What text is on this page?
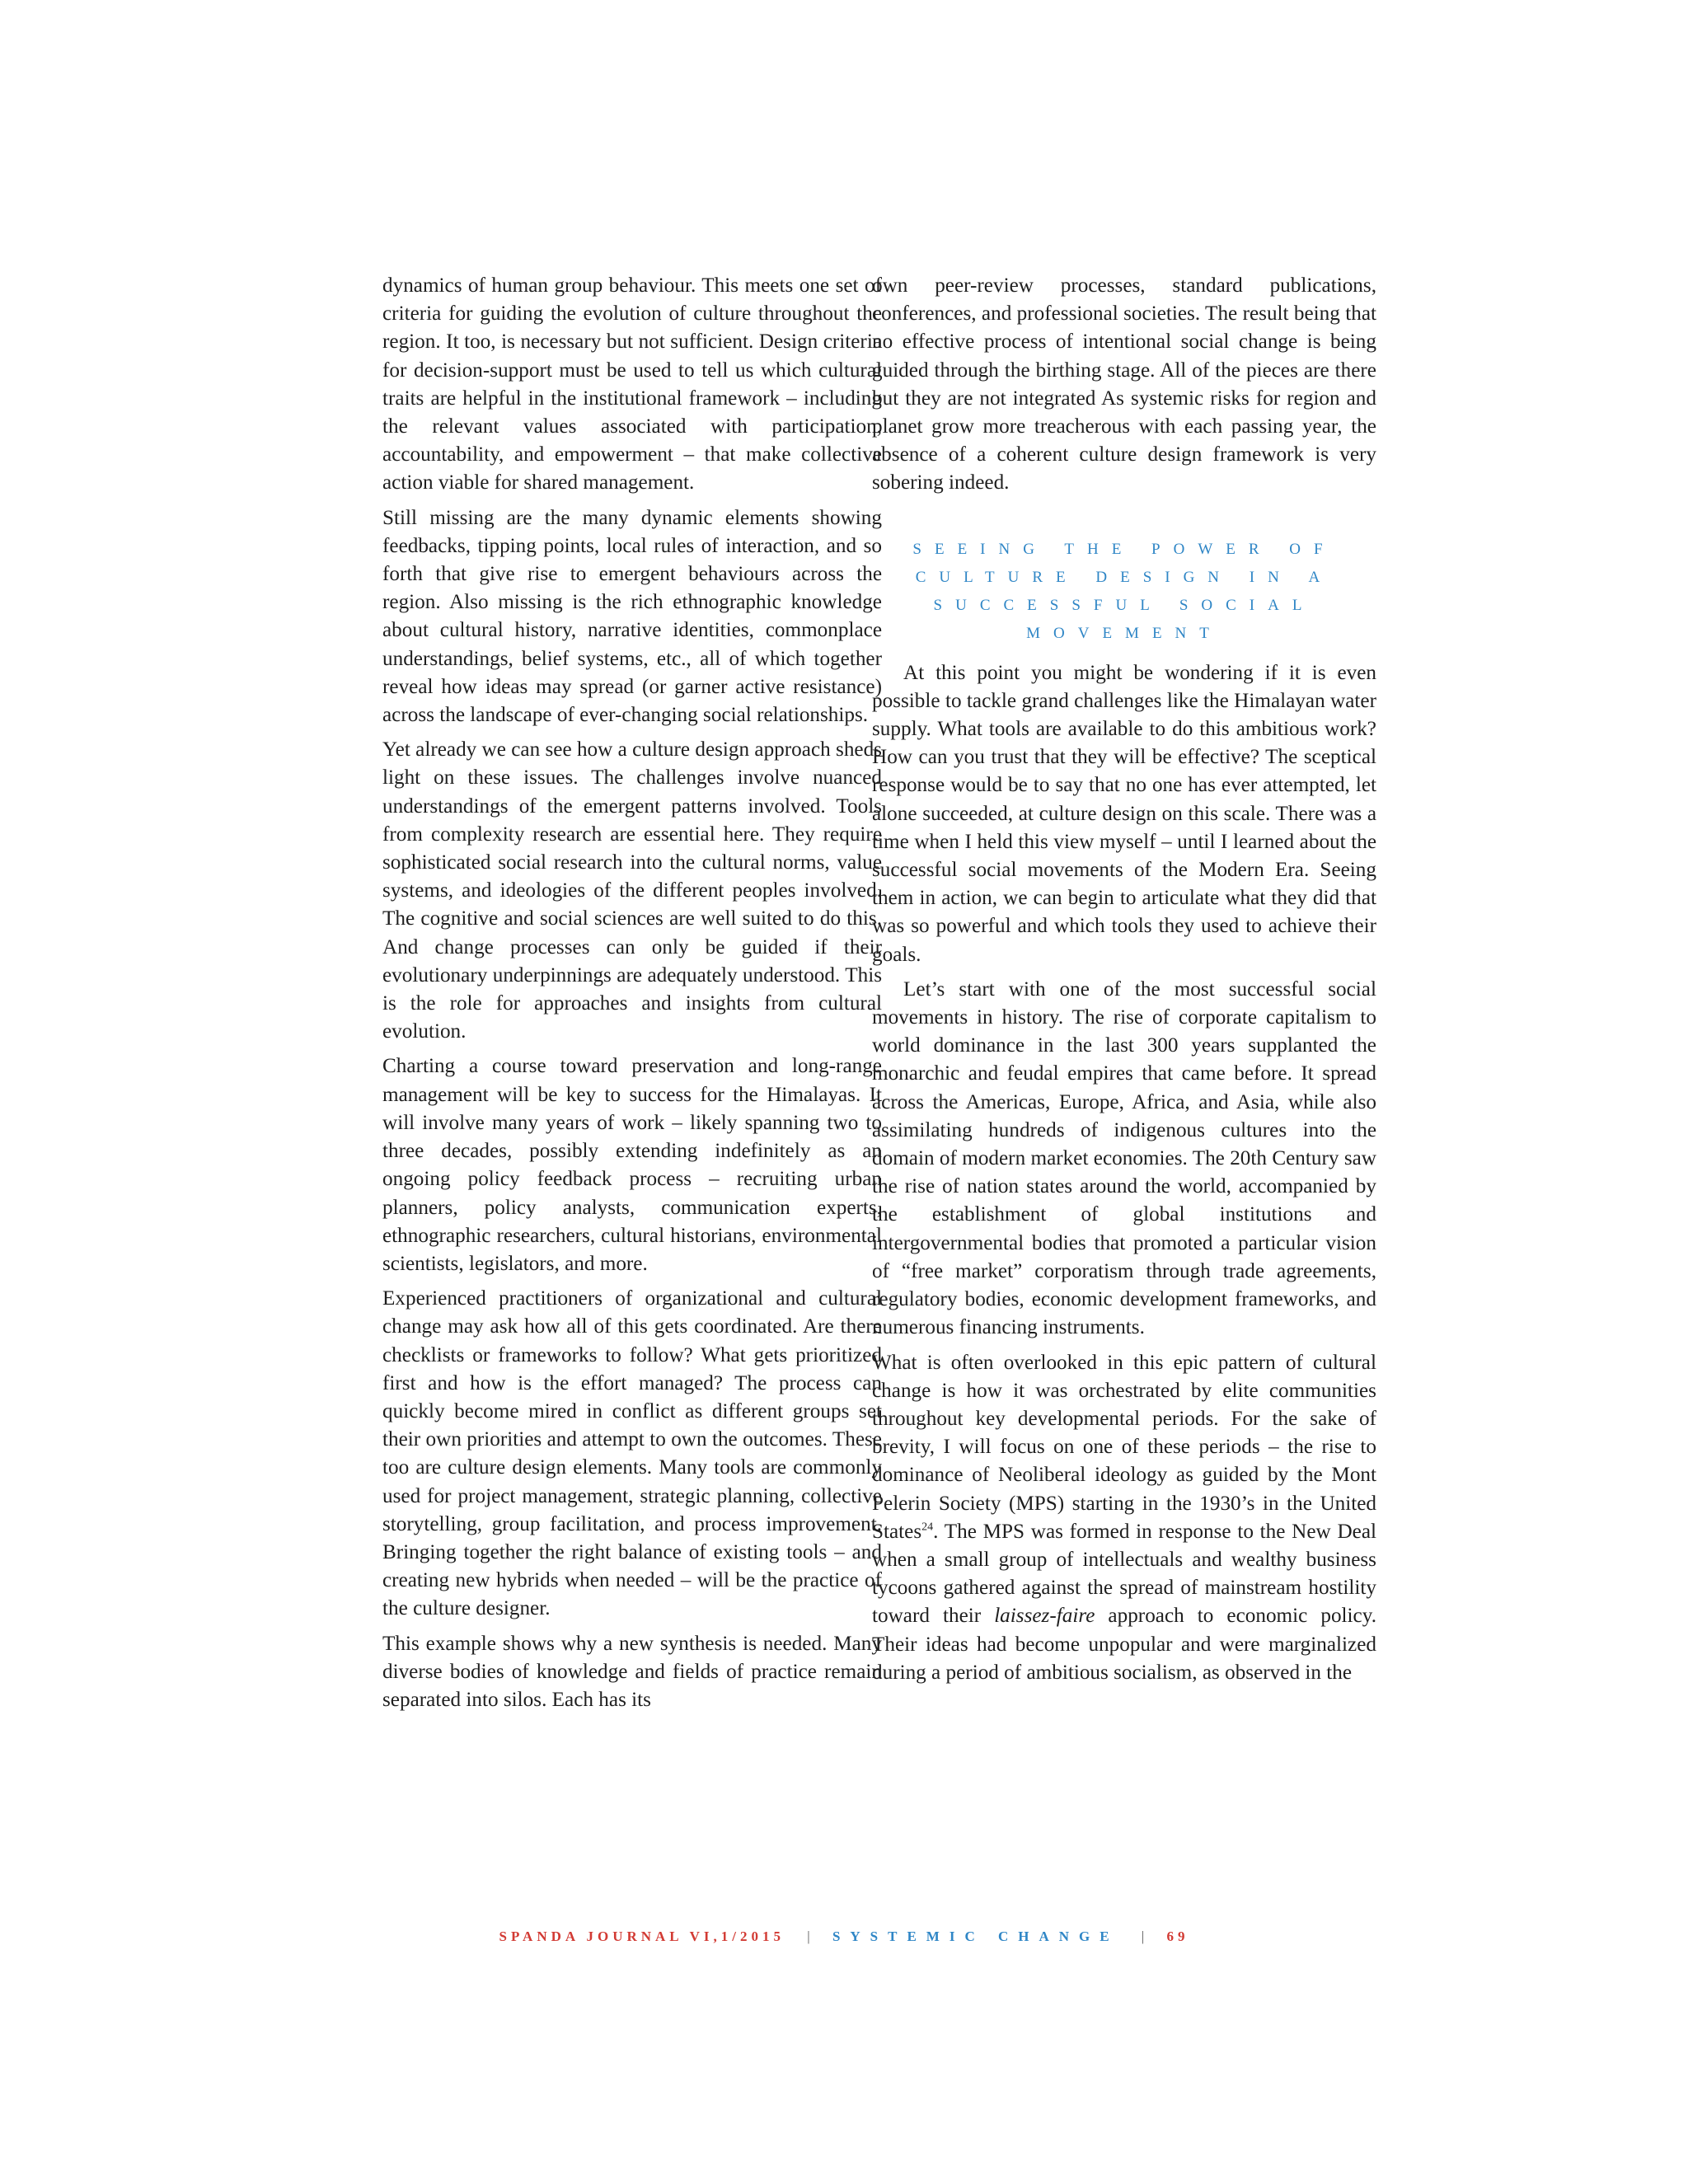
dynamics of human group behaviour. This meets one set of criteria for guiding the evolution of culture throughout the region. It too, is necessary but not sufficient. Design criteria for decision-support must be used to tell us which cultural traits are helpful in the institutional framework – including the relevant values associated with participation, accountability, and empowerment – that make collective action viable for shared management.

Still missing are the many dynamic elements showing feedbacks, tipping points, local rules of interaction, and so forth that give rise to emergent behaviours across the region. Also missing is the rich ethnographic knowledge about cultural history, narrative identities, commonplace understandings, belief systems, etc., all of which together reveal how ideas may spread (or garner active resistance) across the landscape of ever-changing social relationships.

Yet already we can see how a culture design approach sheds light on these issues. The challenges involve nuanced understandings of the emergent patterns involved. Tools from complexity research are essential here. They require sophisticated social research into the cultural norms, value systems, and ideologies of the different peoples involved. The cognitive and social sciences are well suited to do this. And change processes can only be guided if their evolutionary underpinnings are adequately understood. This is the role for approaches and insights from cultural evolution.

Charting a course toward preservation and long-range management will be key to success for the Himalayas. It will involve many years of work – likely spanning two to three decades, possibly extending indefinitely as an ongoing policy feedback process – recruiting urban planners, policy analysts, communication experts, ethnographic researchers, cultural historians, environmental scientists, legislators, and more.

Experienced practitioners of organizational and cultural change may ask how all of this gets coordinated. Are there checklists or frameworks to follow? What gets prioritized first and how is the effort managed? The process can quickly become mired in conflict as different groups set their own priorities and attempt to own the outcomes. These too are culture design elements. Many tools are commonly used for project management, strategic planning, collective storytelling, group facilitation, and process improvement. Bringing together the right balance of existing tools – and creating new hybrids when needed – will be the practice of the culture designer.

This example shows why a new synthesis is needed. Many diverse bodies of knowledge and fields of practice remain separated into silos. Each has its

own peer-review processes, standard publications, conferences, and professional societies. The result being that no effective process of intentional social change is being guided through the birthing stage. All of the pieces are there but they are not integrated As systemic risks for region and planet grow more treacherous with each passing year, the absence of a coherent culture design framework is very sobering indeed.

SEEING THE POWER OF CULTURE DESIGN IN A SUCCESSFUL SOCIAL MOVEMENT

At this point you might be wondering if it is even possible to tackle grand challenges like the Himalayan water supply. What tools are available to do this ambitious work? How can you trust that they will be effective? The sceptical response would be to say that no one has ever attempted, let alone succeeded, at culture design on this scale. There was a time when I held this view myself – until I learned about the successful social movements of the Modern Era. Seeing them in action, we can begin to articulate what they did that was so powerful and which tools they used to achieve their goals.

Let’s start with one of the most successful social movements in history. The rise of corporate capitalism to world dominance in the last 300 years supplanted the monarchic and feudal empires that came before. It spread across the Americas, Europe, Africa, and Asia, while also assimilating hundreds of indigenous cultures into the domain of modern market economies. The 20th Century saw the rise of nation states around the world, accompanied by the establishment of global institutions and intergovernmental bodies that promoted a particular vision of “free market” corporatism through trade agreements, regulatory bodies, economic development frameworks, and numerous financing instruments.

What is often overlooked in this epic pattern of cultural change is how it was orchestrated by elite communities throughout key developmental periods. For the sake of brevity, I will focus on one of these periods – the rise to dominance of Neoliberal ideology as guided by the Mont Pelerin Society (MPS) starting in the 1930’s in the United States$^{24}$. The MPS was formed in response to the New Deal when a small group of intellectuals and wealthy business tycoons gathered against the spread of mainstream hostility toward their laissez-faire approach to economic policy. Their ideas had become unpopular and were marginalized during a period of ambitious socialism, as observed in the

SPANDA JOURNAL VI,1/2015 | SYSTEMIC CHANGE | 69
